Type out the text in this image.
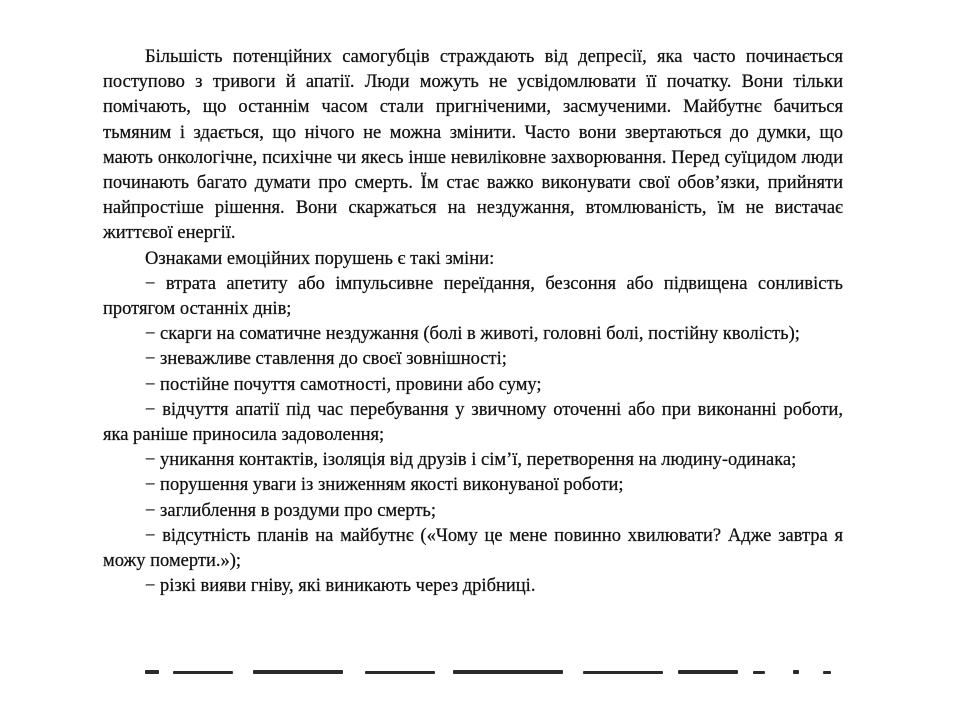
Більшість потенційних самогубців страждають від депресії, яка часто починається поступово з тривоги й апатії. Люди можуть не усвідомлювати її початку. Вони тільки помічають, що останнім часом стали пригніченими, засмученими. Майбутнє бачиться тьмяним і здається, що нічого не можна змінити. Часто вони звертаються до думки, що мають онкологічне, психічне чи якесь інше невиліковне захворювання. Перед суїцидом люди починають багато думати про смерть. Їм стає важко виконувати свої обов’язки, прийняти найпростіше рішення. Вони скаржаться на нездужання, втомлюваність, їм не вистачає життєвої енергії.

Ознаками емоційних порушень є такі зміни:

− втрата апетиту або імпульсивне переїдання, безсоння або підвищена сонливість протягом останніх днів;

− скарги на соматичне нездужання (болі в животі, головні болі, постійну кволість);

− зневажливе ставлення до своєї зовнішності;

− постійне почуття самотності, провини або суму;

− відчуття апатії під час перебування у звичному оточенні або при виконанні роботи, яка раніше приносила задоволення;

− уникання контактів, ізоляція від друзів і сім’ї, перетворення на людину-одинака;

− порушення уваги із зниженням якості виконуваної роботи;

− заглиблення в роздуми про смерть;

− відсутність планів на майбутнє («Чому це мене повинно хвилювати? Адже завтра я можу померти.»);

− різкі вияви гніву, які виникають через дрібниці.
